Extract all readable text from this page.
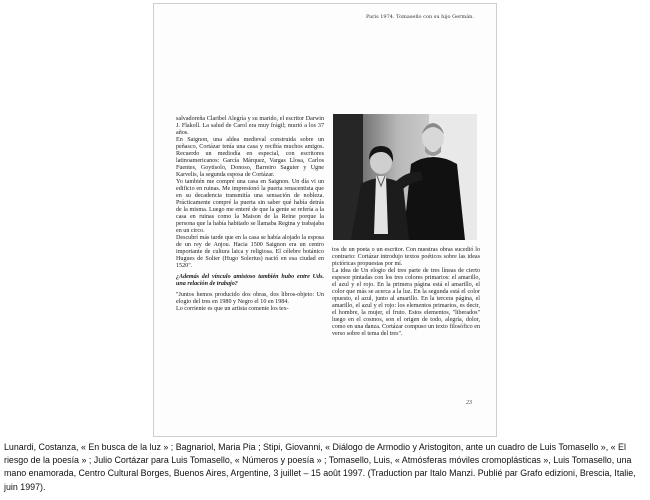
Paris 1974. Tomasello con su hijo Germán.

salvadoreña Claribel Alegría y su marido, el escritor Darwin J. Flakoll. La salud de Carol era muy frágil; murió a los 37 años.

En Saignon, una aldea medieval construida sobre un peñasco, Cortázar tenía una casa y recibía muchos amigos. Recuerdo un mediodía en especial, con escritores latinoamericanos: García Márquez, Vargas Llosa, Carlos Fuentes, Goytisolo, Donoso, Barreiro Saguier y Ugne Karvelis, la segunda esposa de Cortázar.

Yo también me compré una casa en Saignon. Un día vi un edificio en ruinas. Me impresionó la puerta renacentista que en su decadencia transmitía una sensación de nobleza. Prácticamente compré la puerta sin saber qué había detrás de la misma. Luego me enteré de que la gente se refería a la casa en ruinas como la Maison de la Reine porque la persona que la había habitado se llamaba Regina y trabajaba en un circo.

Descubrí más tarde que en la casa se había alojado la esposa de un rey de Anjou. Hacia 1500 Saignon era un centro importante de cultura laica y religiosa. El célebre botánico Hugues de Solier (Hugo Solerius) nació en esa ciudad en 1520".

¿Además del vínculo amistoso también hubo entre Uds. una relación de trabajo?

"Juntos hemos producido dos obras, dos libros-objeto: Un elogio del tres en 1980 y Negro el 10 en 1984.

Lo corriente es que un artista comente los tex-

tos de un poeta o un escritor. Con nuestras obras sucedió lo contrario: Cortázar introdujo textos poéticos sobre las ideas pictóricas propuestas por mí.

La idea de Un elogio del tres parte de tres líneas de cierto espesor pintadas con los tres colores primarios: el amarillo, el azul y el rojo. En la primera página está el amarillo, el color que más se acerca a la luz. En la segunda está el color opuesto, el azul, junto al amarillo. En la tercera página, el amarillo, el azul y el rojo: los elementos primarios, es decir, el hombre, la mujer, el fruto. Estos elementos, "liberados" luego en el cosmos, son el origen de todo, alegría, dolor, como en una danza. Cortázar compuso un texto filosófico en verso sobre el tema del tres".

23

Lunardi, Costanza, « En busca de la luz » ; Bagnariol, Maria Pia ; Stipi, Giovanni, « Diálogo de Armodio y Aristogiton, ante un cuadro de Luis Tomasello », « El riesgo de la poesía » ; Julio Cortázar para Luis Tomasello, « Números y poesía » ; Tomasello, Luis, « Atmósferas móviles cromoplásticas », Luis Tomasello, una mano enamorada, Centro Cultural Borges, Buenos Aires, Argentine, 3 juillet – 15 août 1997. (Traduction par Italo Manzi. Publié par Grafo edizioni, Brescia, Italie, juin 1997).
